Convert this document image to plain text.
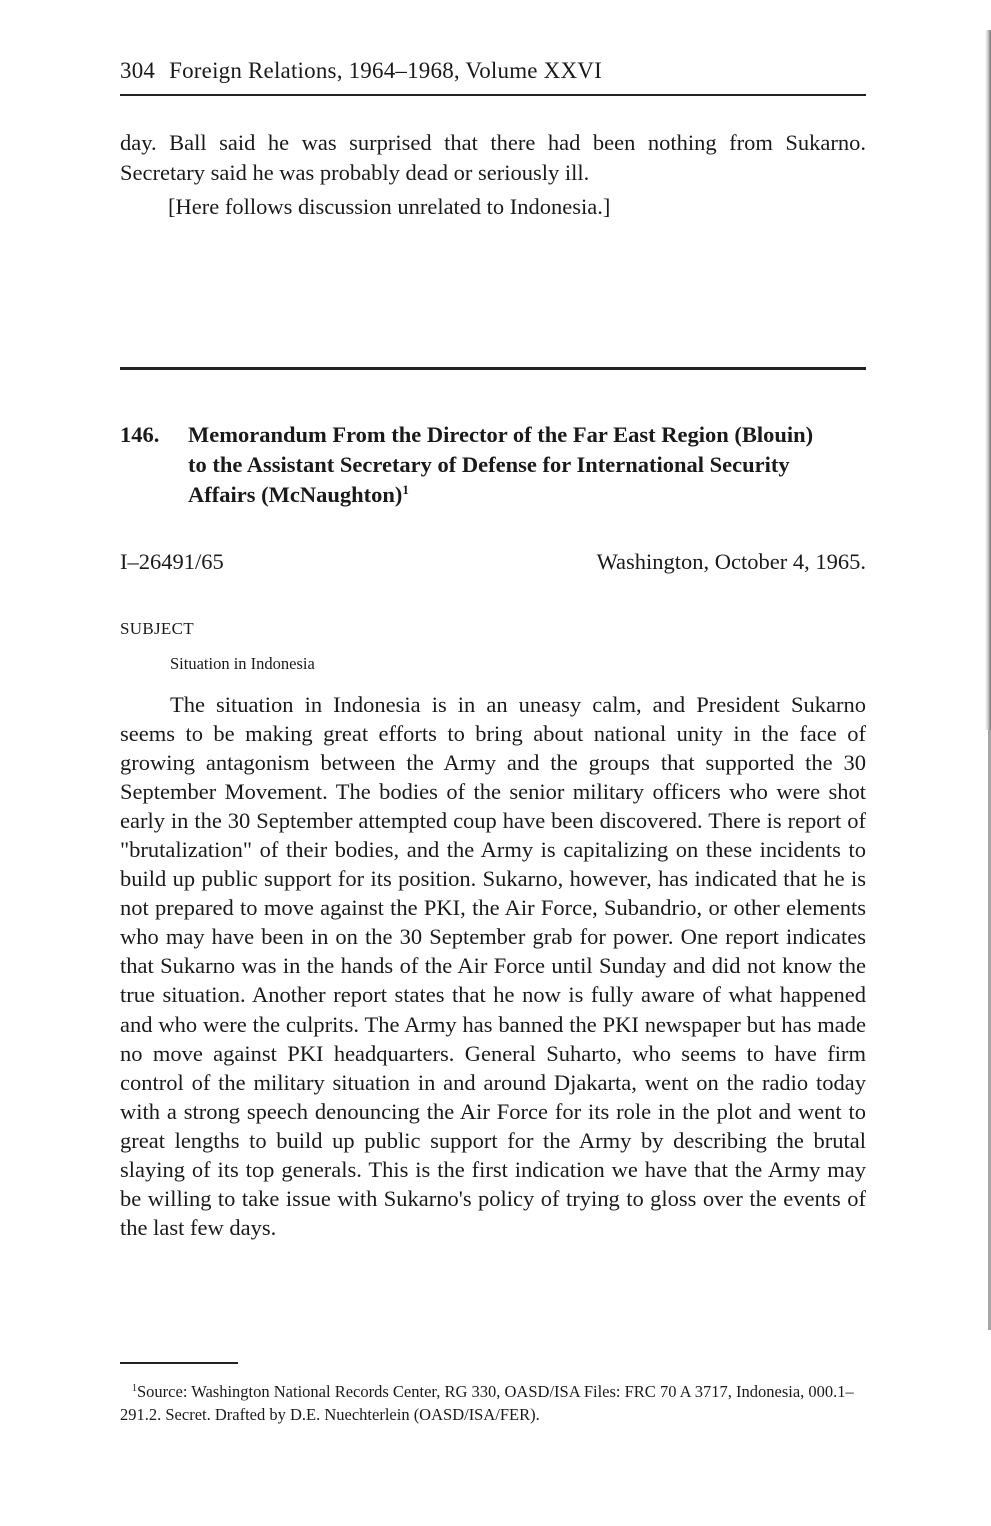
304 Foreign Relations, 1964–1968, Volume XXVI

day. Ball said he was surprised that there had been nothing from Sukarno. Secretary said he was probably dead or seriously ill.

[Here follows discussion unrelated to Indonesia.]

146. Memorandum From the Director of the Far East Region (Blouin) to the Assistant Secretary of Defense for International Security Affairs (McNaughton)$^1$

I–26491/65	Washington, October 4, 1965.
SUBJECT
Situation in Indonesia

The situation in Indonesia is in an uneasy calm, and President Sukarno seems to be making great efforts to bring about national unity in the face of growing antagonism between the Army and the groups that supported the 30 September Movement. The bodies of the senior military officers who were shot early in the 30 September attempted coup have been discovered. There is report of "brutalization" of their bodies, and the Army is capitalizing on these incidents to build up public support for its position. Sukarno, however, has indicated that he is not prepared to move against the PKI, the Air Force, Subandrio, or other elements who may have been in on the 30 September grab for power. One report indicates that Sukarno was in the hands of the Air Force until Sunday and did not know the true situation. Another report states that he now is fully aware of what happened and who were the culprits. The Army has banned the PKI newspaper but has made no move against PKI headquarters. General Suharto, who seems to have firm control of the military situation in and around Djakarta, went on the radio today with a strong speech denouncing the Air Force for its role in the plot and went to great lengths to build up public support for the Army by describing the brutal slaying of its top generals. This is the first indication we have that the Army may be willing to take issue with Sukarno's policy of trying to gloss over the events of the last few days.

$^1$Source: Washington National Records Center, RG 330, OASD/ISA Files: FRC 70 A 3717, Indonesia, 000.1–291.2. Secret. Drafted by D.E. Nuechterlein (OASD/ISA/FER).
